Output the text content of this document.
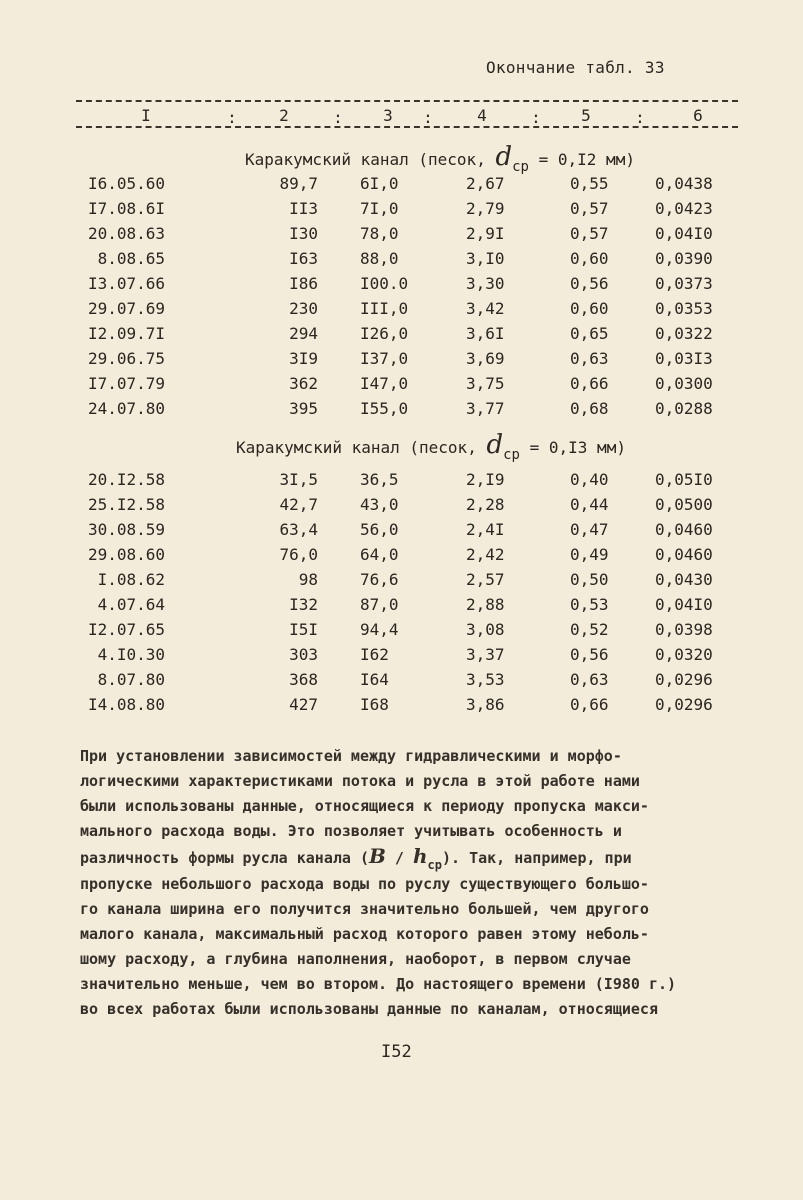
Окончание табл. 33
I	:	2	:	3 :	4	:	5	:	6
Каракумский канал (песок, dср = 0,I2 мм)
I6.05.60	89,7	6I,0	2,67	0,55	0,0438
I7.08.6I	II3	7I,0	2,79	0,57	0,0423
20.08.63	I30	78,0	2,9I	0,57	0,04I0
8.08.65	I63	88,0	3,I0	0,60	0,0390
I3.07.66	I86	I00.0	3,30	0,56	0,0373
29.07.69	230	III,0	3,42	0,60	0,0353
I2.09.7I	294	I26,0	3,6I	0,65	0,0322
29.06.75	3I9	I37,0	3,69	0,63	0,03I3
I7.07.79	362	I47,0	3,75	0,66	0,0300
24.07.80	395	I55,0	3,77	0,68	0,0288
Каракумский канал (песок, dср = 0,I3 мм)
20.I2.58	3I,5	36,5	2,I9	0,40	0,05I0
25.I2.58	42,7	43,0	2,28	0,44	0,0500
30.08.59	63,4	56,0	2,4I	0,47	0,0460
29.08.60	76,0	64,0	2,42	0,49	0,0460
I.08.62	98	76,6	2,57	0,50	0,0430
4.07.64	I32	87,0	2,88	0,53	0,04I0
I2.07.65	I5I	94,4	3,08	0,52	0,0398
4.I0.30	303	I62	3,37	0,56	0,0320
8.07.80	368	I64	3,53	0,63	0,0296
I4.08.80	427	I68	3,86	0,66	0,0296

При установлении зависимостей между гидравлическими и морфо-

логическими характеристиками потока и русла в этой работе нами

были использованы данные, относящиеся к периоду пропуска макси-

мального расхода воды. Это позволяет учитывать особенность и

различность формы русла канала $(B / h_{ср})$. Так, например, при

пропуске небольшого расхода воды по руслу существующего большо-

го канала ширина его получится значительно большей, чем другого

малого канала, максимальный расход которого равен этому неболь-

шому расходу, а глубина наполнения, наоборот, в первом случае

значительно меньше, чем во втором. До настоящего времени (I980 г.)

во всех работах были использованы данные по каналам, относящиеся

I52
